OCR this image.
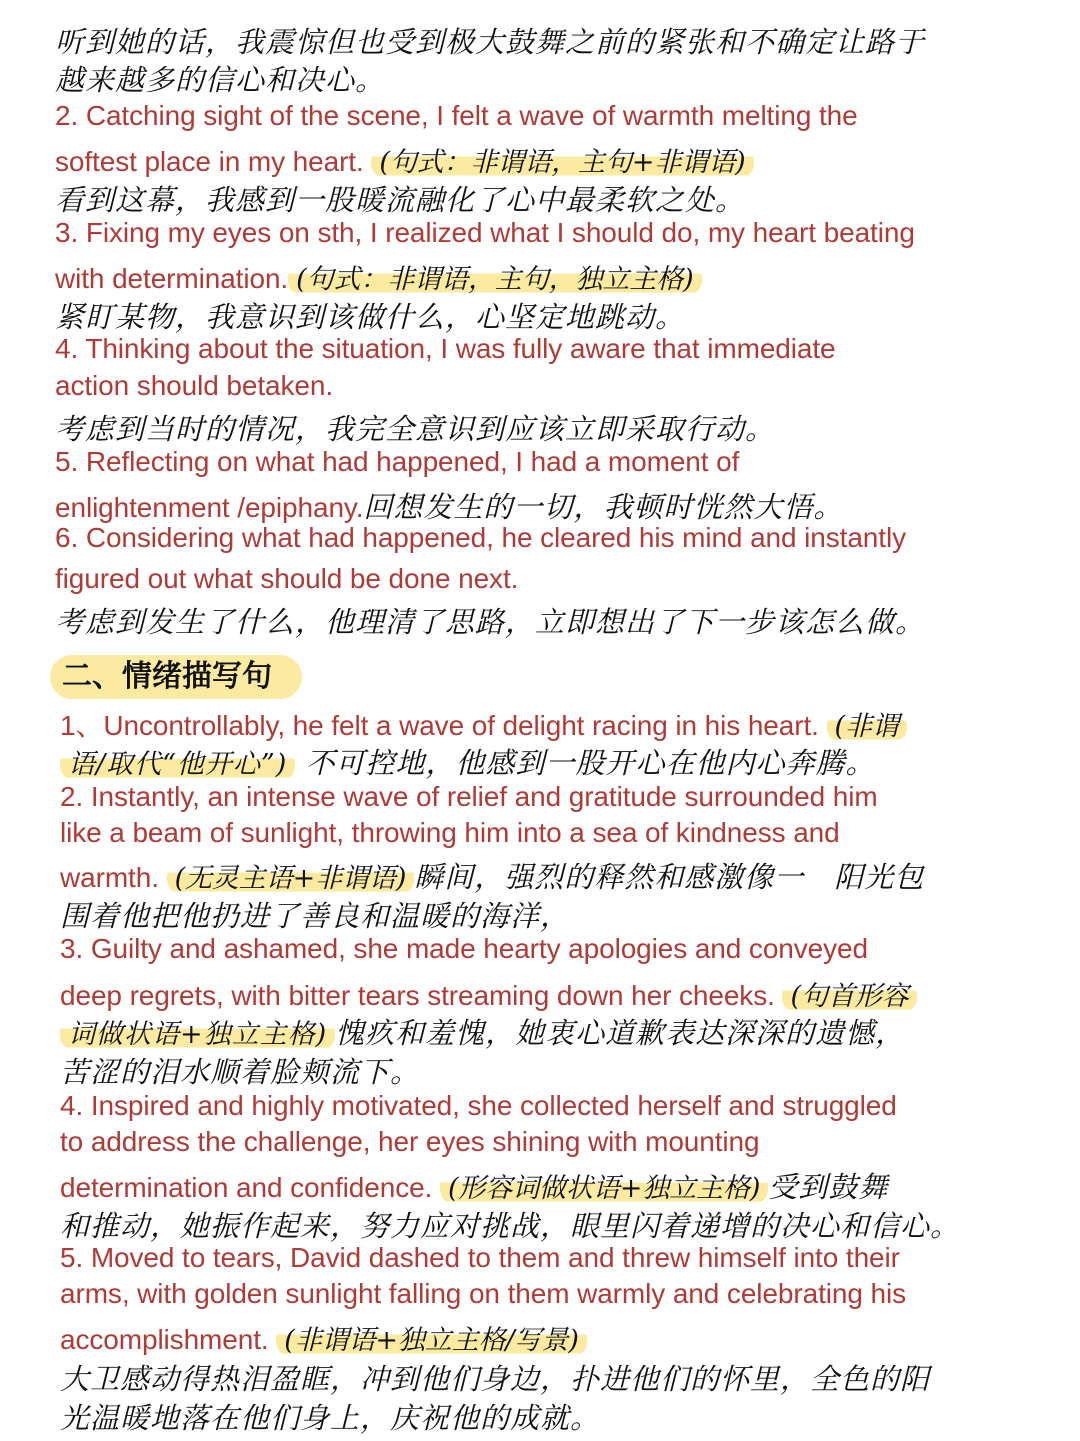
听到她的话，我震惊但也受到极大鼓舞之前的紧张和不确定让路于
越来越多的信心和决心。
2. Catching sight of the scene, I felt a wave of warmth melting the
softest place in my heart. (句式：非谓语，主句+非谓语)
看到这幕，我感到一股暖流融化了心中最柔软之处。
3. Fixing my eyes on sth, I realized what I should do, my heart beating
with determination. (句式：非谓语，主句，独立主格)
紧盯某物，我意识到该做什么，心坚定地跳动。
4. Thinking about the situation, I was fully aware that immediate
action should betaken.
考虑到当时的情况，我完全意识到应该立即采取行动。
5. Reflecting on what had happened, I had a moment of
enlightenment /epiphany.回想发生的一切，我顿时恍然大悟。
6. Considering what had happened, he cleared his mind and instantly
figured out what should be done next.
考虑到发生了什么，他理清了思路，立即想出了下一步该怎么做。
二、情绪描写句
1、Uncontrollably, he felt a wave of delight racing in his heart. (非谓
语/取代“他开心”) 不可控地，他感到一股开心在他内心奔腾。
2. Instantly, an intense wave of relief and gratitude surrounded him
like a beam of sunlight, throwing him into a sea of kindness and
warmth. (无灵主语+非谓语) 瞬间，强烈的释然和感激像一　阳光包
围着他把他扔进了善良和温暖的海洋，
3. Guilty and ashamed, she made hearty apologies and conveyed
deep regrets, with bitter tears streaming down her cheeks. (句首形容
词做状语+独立主格) 愧疚和羞愧，她衷心道歉表达深深的遗憾，
苦涩的泪水顺着脸颊流下。
4. Inspired and highly motivated, she collected herself and struggled
to address the challenge, her eyes shining with mounting
determination and confidence. (形容词做状语+独立主格) 受到鼓舞
和推动，她振作起来，努力应对挑战，眼里闪着递增的决心和信心。
5. Moved to tears, David dashed to them and threw himself into their
arms, with golden sunlight falling on them warmly and celebrating his
accomplishment. (非谓语+独立主格/写景)
大卫感动得热泪盈眶，冲到他们身边，扑进他们的怀里，全色的阳
光温暖地落在他们身上，庆祝他的成就。
